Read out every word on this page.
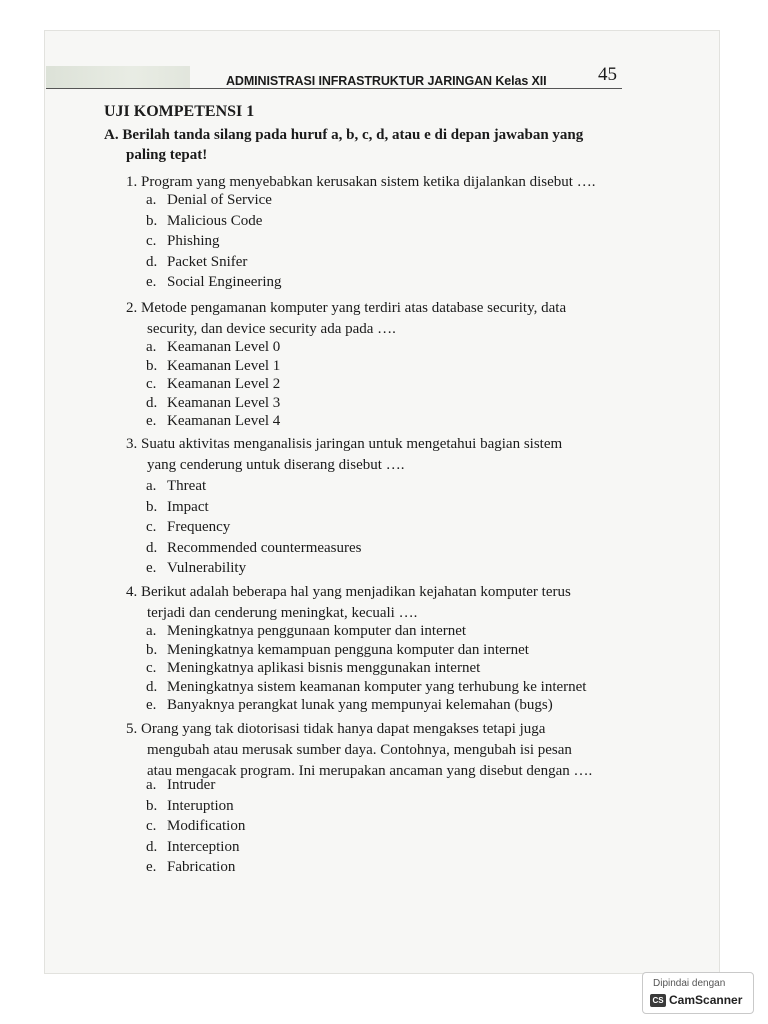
ADMINISTRASI INFRASTRUKTUR JARINGAN Kelas XII	45
UJI KOMPETENSI 1
A. Berilah tanda silang pada huruf a, b, c, d, atau e di depan jawaban yang
paling tepat!
1. Program yang menyebabkan kerusakan sistem ketika dijalankan disebut ….
a. Denial of Service
b. Malicious Code
c. Phishing
d. Packet Snifer
e. Social Engineering
2. Metode pengamanan komputer yang terdiri atas database security, data
security, dan device security ada pada ….
a. Keamanan Level 0
b. Keamanan Level 1
c. Keamanan Level 2
d. Keamanan Level 3
e. Keamanan Level 4
3. Suatu aktivitas menganalisis jaringan untuk mengetahui bagian sistem
yang cenderung untuk diserang disebut ….
a. Threat
b. Impact
c. Frequency
d. Recommended countermeasures
e. Vulnerability
4. Berikut adalah beberapa hal yang menjadikan kejahatan komputer terus
terjadi dan cenderung meningkat, kecuali ….
a. Meningkatnya penggunaan komputer dan internet
b. Meningkatnya kemampuan pengguna komputer dan internet
c. Meningkatnya aplikasi bisnis menggunakan internet
d. Meningkatnya sistem keamanan komputer yang terhubung ke internet
e. Banyaknya perangkat lunak yang mempunyai kelemahan (bugs)
5. Orang yang tak diotorisasi tidak hanya dapat mengakses tetapi juga
mengubah atau merusak sumber daya. Contohnya, mengubah isi pesan
atau mengacak program. Ini merupakan ancaman yang disebut dengan ….
a. Intruder
b. Interuption
c. Modification
d. Interception
e. Fabrication
Dipindai dengan
CS CamScanner
